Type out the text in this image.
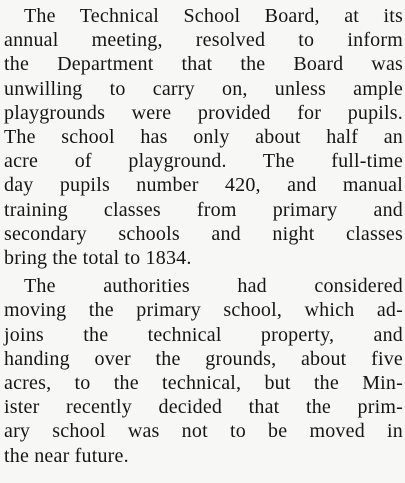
The Technical School Board, at its
annual meeting, resolved to inform
the Department that the Board was
unwilling to carry on, unless ample
playgrounds were provided for pupils.
The school has only about half an
acre of playground. The full-time
day pupils number 420, and manual
training classes from primary and
secondary schools and night classes
bring the total to 1834.
The authorities had considered
moving the primary school, which ad-
joins the technical property, and
handing over the grounds, about five
acres, to the technical, but the Min-
ister recently decided that the prim-
ary school was not to be moved in
the near future.
